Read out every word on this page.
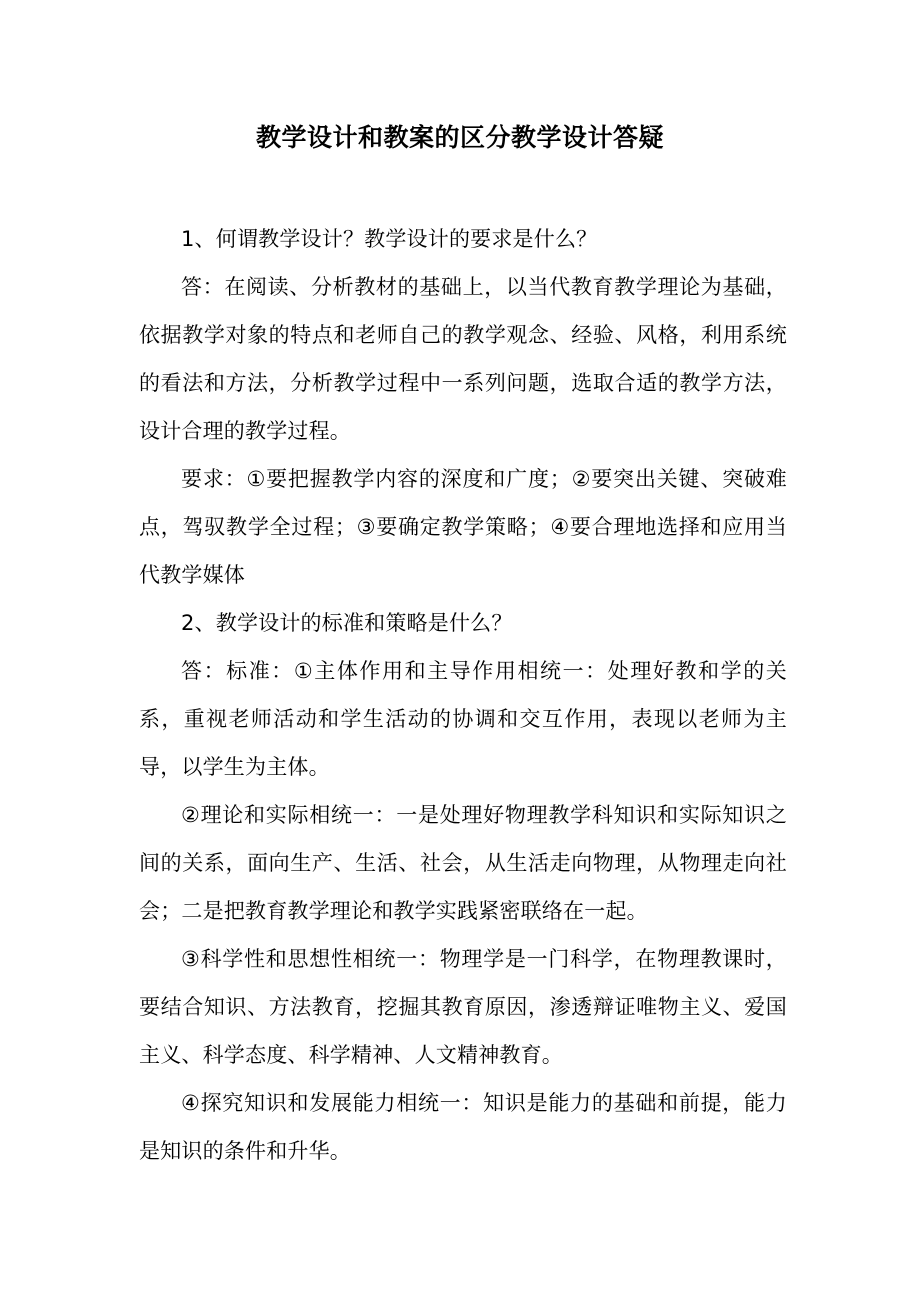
教学设计和教案的区分教学设计答疑

1、何谓教学设计？教学设计的要求是什么？

答：在阅读、分析教材的基础上，以当代教育教学理论为基础，依据教学对象的特点和老师自己的教学观念、经验、风格，利用系统的看法和方法，分析教学过程中一系列问题，选取合适的教学方法，设计合理的教学过程。

要求：①要把握教学内容的深度和广度；②要突出关键、突破难点，驾驭教学全过程；③要确定教学策略；④要合理地选择和应用当代教学媒体

2、教学设计的标准和策略是什么？

答：标准：①主体作用和主导作用相统一：处理好教和学的关系，重视老师活动和学生活动的协调和交互作用，表现以老师为主导，以学生为主体。

②理论和实际相统一：一是处理好物理教学科知识和实际知识之间的关系，面向生产、生活、社会，从生活走向物理，从物理走向社会；二是把教育教学理论和教学实践紧密联络在一起。

③科学性和思想性相统一：物理学是一门科学，在物理教课时，要结合知识、方法教育，挖掘其教育原因，渗透辩证唯物主义、爱国主义、科学态度、科学精神、人文精神教育。

④探究知识和发展能力相统一：知识是能力的基础和前提，能力是知识的条件和升华。
